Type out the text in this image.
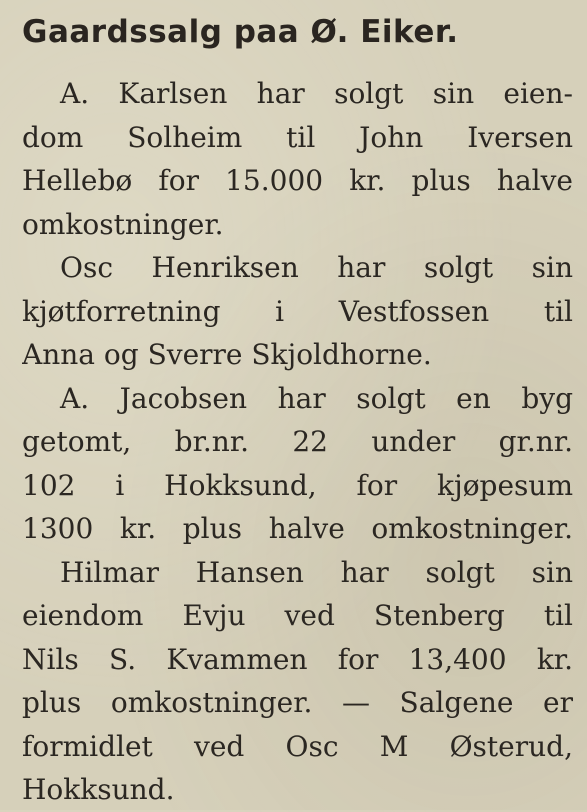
Gaardssalg paa Ø. Eiker.

A. Karlsen har solgt sin eien-
dom Solheim til John Iversen
Hellebø for 15.000 kr. plus halve
omkostninger.

Osc Henriksen har solgt sin
kjøtforretning i Vestfossen til
Anna og Sverre Skjoldhorne.

A. Jacobsen har solgt en byg
getomt, br.nr. 22 under gr.nr.
102 i Hokksund, for kjøpesum
1300 kr. plus halve omkostninger.

Hilmar Hansen har solgt sin
eiendom Evju ved Stenberg til
Nils S. Kvammen for 13,400 kr.
plus omkostninger. — Salgene er
formidlet ved Osc M Østerud,
Hokksund.
